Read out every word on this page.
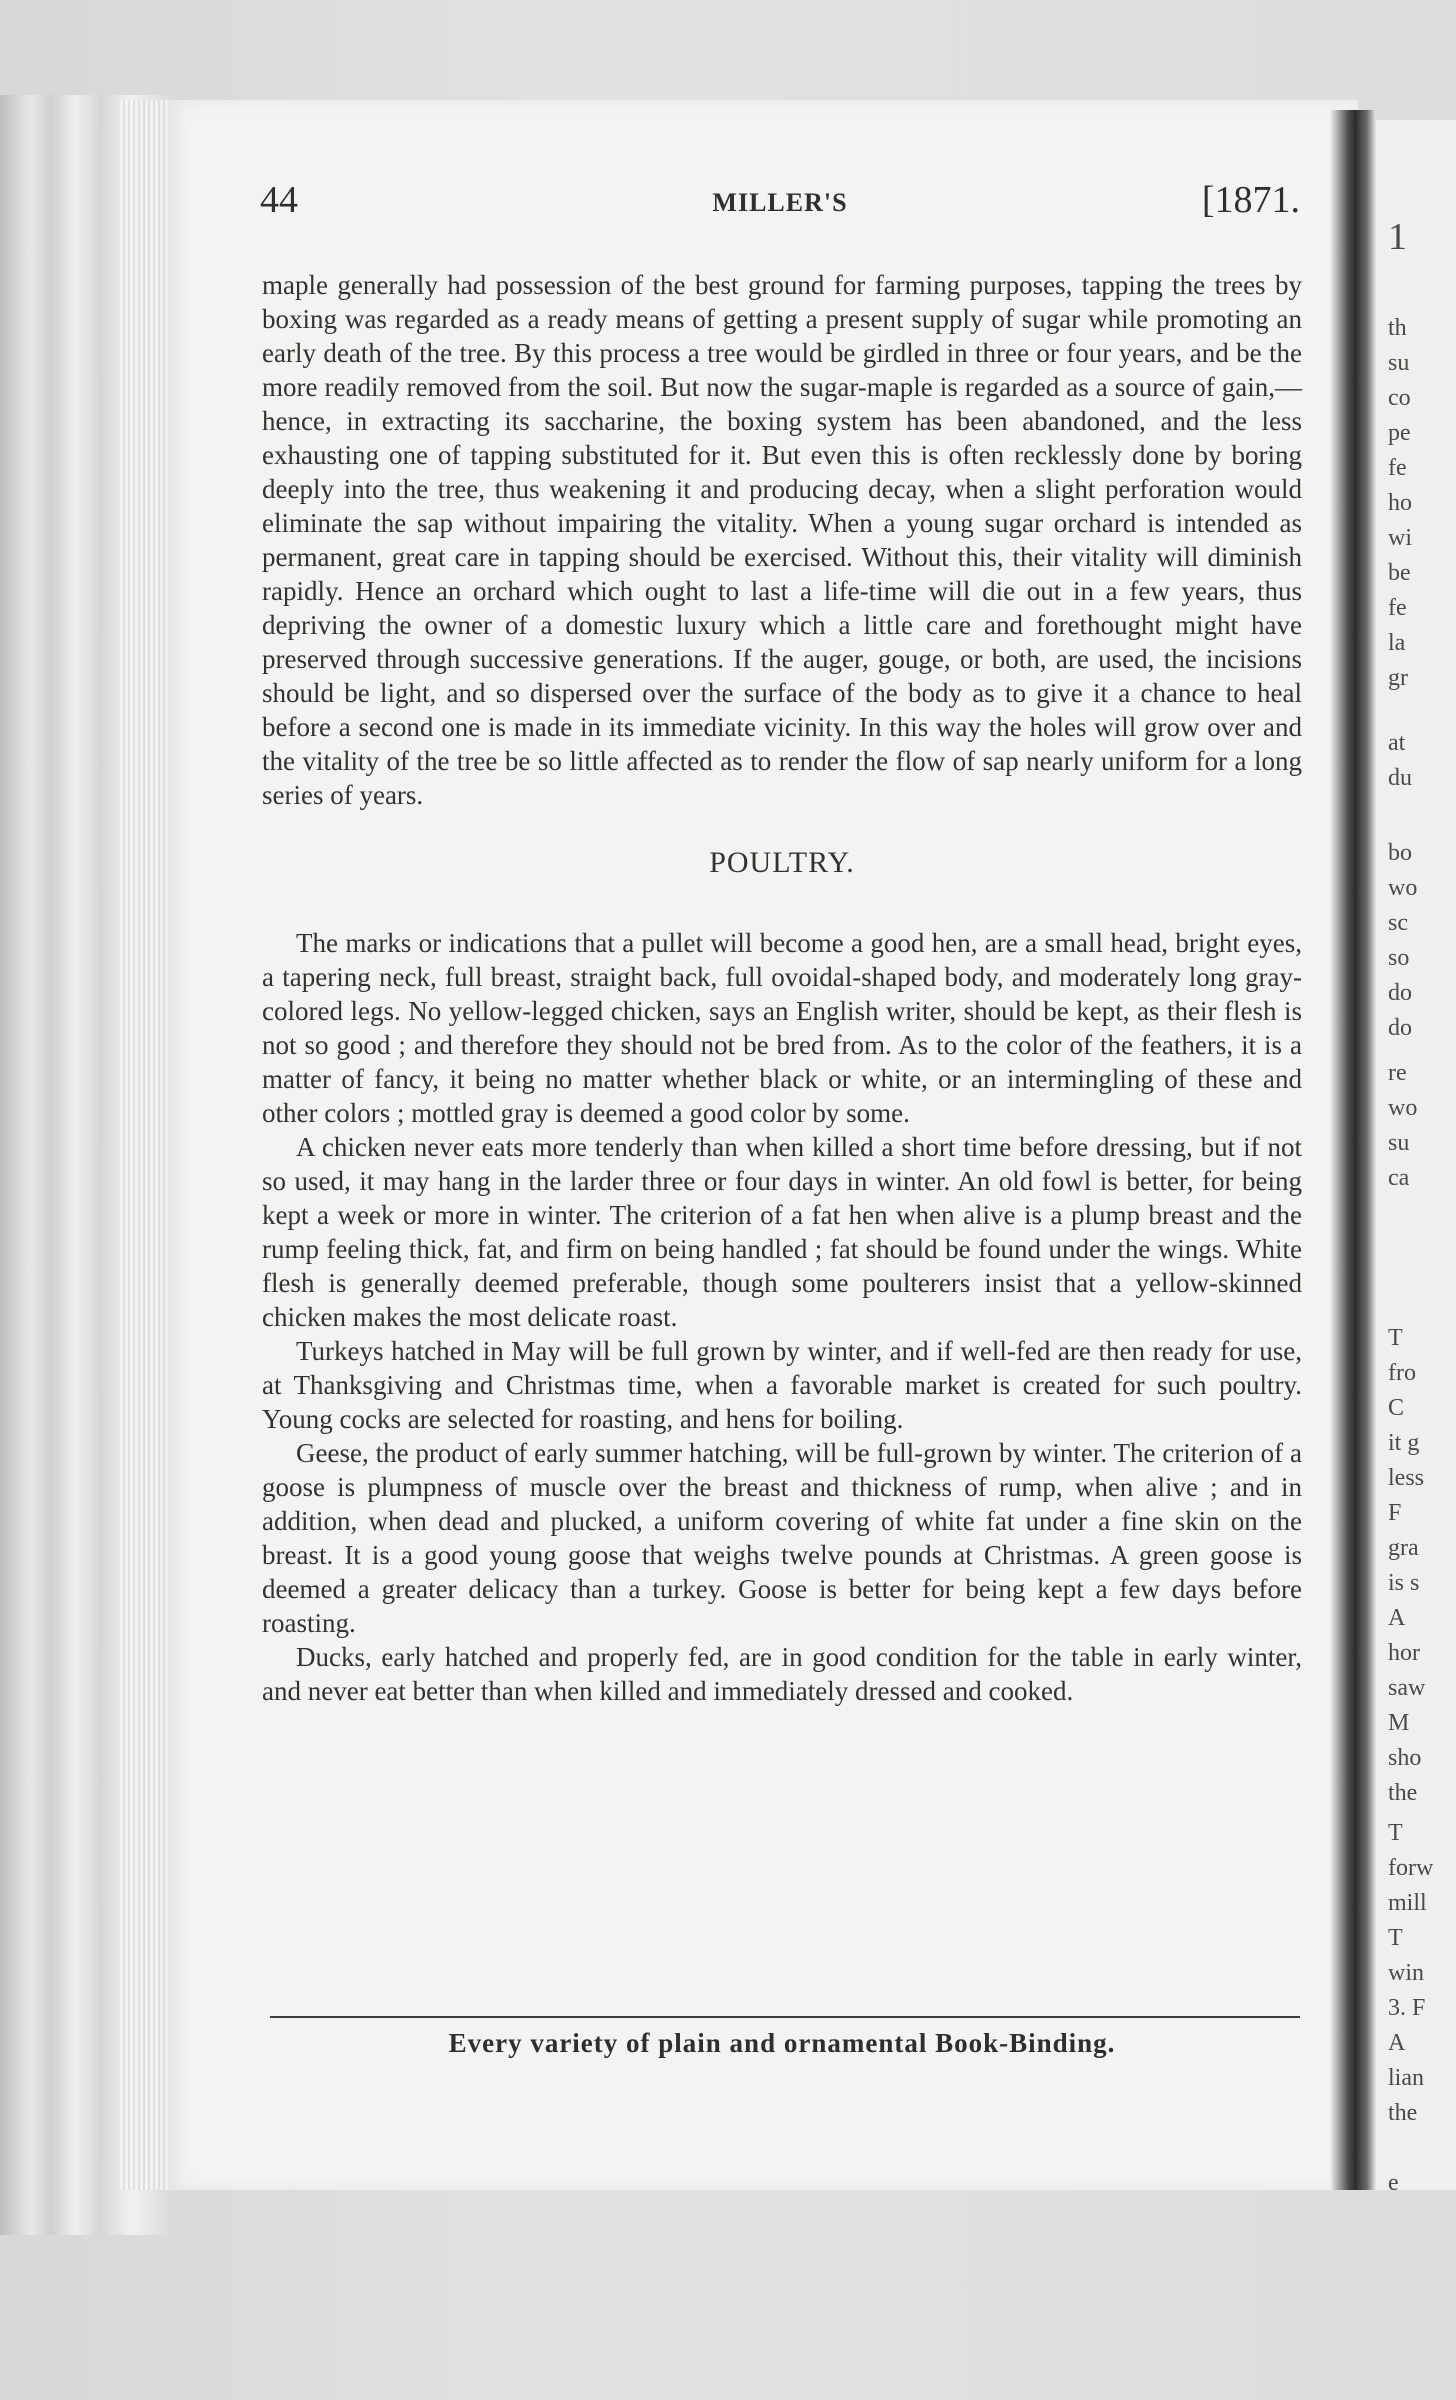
1
th
su
co
pe
fe
ho
wi
be
fe
la
gr
at
du
bo
wo
sc
so
do
do
re
wo
su
ca
T
fro
C
it g
less
F
gra
is s
A
hor
saw
M
sho
the
T
forw
mill
T
win
3. F
A
lian
the
e
44	MILLER'S	[1871.

maple generally had possession of the best ground for farming purposes, tapping the trees by boxing was regarded as a ready means of getting a present supply of sugar while promoting an early death of the tree. By this process a tree would be girdled in three or four years, and be the more readily removed from the soil. But now the sugar-maple is regarded as a source of gain,—hence, in extracting its saccharine, the boxing system has been abandoned, and the less exhausting one of tapping substituted for it. But even this is often recklessly done by boring deeply into the tree, thus weakening it and producing decay, when a slight perforation would eliminate the sap without impairing the vitality. When a young sugar orchard is intended as permanent, great care in tapping should be exercised. Without this, their vitality will diminish rapidly. Hence an orchard which ought to last a life-time will die out in a few years, thus depriving the owner of a domestic luxury which a little care and forethought might have preserved through successive generations. If the auger, gouge, or both, are used, the incisions should be light, and so dispersed over the surface of the body as to give it a chance to heal before a second one is made in its immediate vicinity. In this way the holes will grow over and the vitality of the tree be so little affected as to render the flow of sap nearly uniform for a long series of years.

POULTRY.

The marks or indications that a pullet will become a good hen, are a small head, bright eyes, a tapering neck, full breast, straight back, full ovoidal-shaped body, and moderately long gray-colored legs. No yellow-legged chicken, says an English writer, should be kept, as their flesh is not so good ; and therefore they should not be bred from. As to the color of the feathers, it is a matter of fancy, it being no matter whether black or white, or an intermingling of these and other colors ; mottled gray is deemed a good color by some.

A chicken never eats more tenderly than when killed a short time before dressing, but if not so used, it may hang in the larder three or four days in winter. An old fowl is better, for being kept a week or more in winter. The criterion of a fat hen when alive is a plump breast and the rump feeling thick, fat, and firm on being handled ; fat should be found under the wings. White flesh is generally deemed preferable, though some poulterers insist that a yellow-skinned chicken makes the most delicate roast.

Turkeys hatched in May will be full grown by winter, and if well-fed are then ready for use, at Thanksgiving and Christmas time, when a favorable market is created for such poultry. Young cocks are selected for roasting, and hens for boiling.

Geese, the product of early summer hatching, will be full-grown by winter. The criterion of a goose is plumpness of muscle over the breast and thickness of rump, when alive ; and in addition, when dead and plucked, a uniform covering of white fat under a fine skin on the breast. It is a good young goose that weighs twelve pounds at Christmas. A green goose is deemed a greater delicacy than a turkey. Goose is better for being kept a few days before roasting.

Ducks, early hatched and properly fed, are in good condition for the table in early winter, and never eat better than when killed and immediately dressed and cooked.

Every variety of plain and ornamental Book-Binding.
